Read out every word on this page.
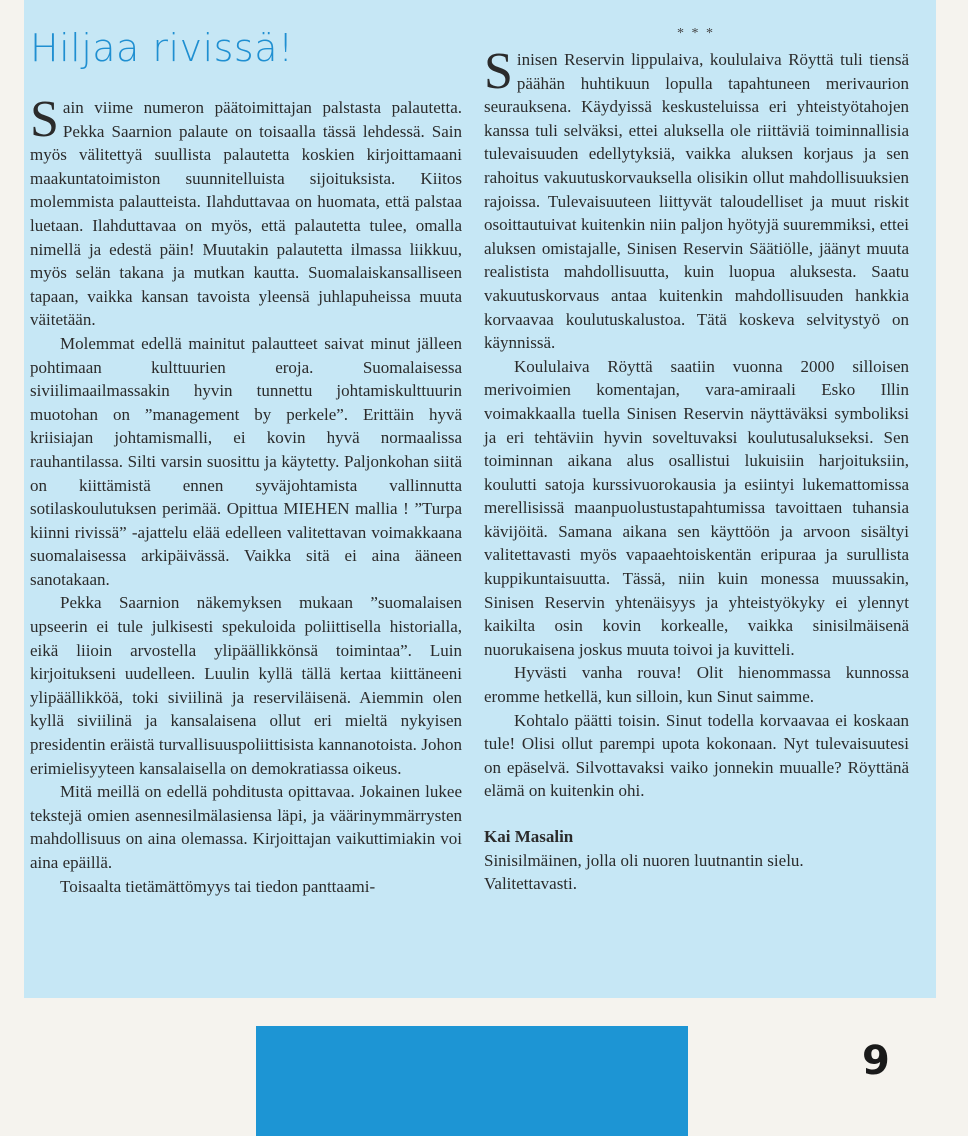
Hiljaa rivissä!	* * *

Sain viime numeron päätoimittajan palstasta palautetta. Pekka Saarnion palaute on toisaalla tässä lehdessä. Sain myös välitettyä suullista palautetta koskien kirjoittamaani maakuntatoimiston suunnitelluista sijoituksista. Kiitos molemmista palautteista. Ilahduttavaa on huomata, että palstaa luetaan. Ilahduttavaa on myös, että palautetta tulee, omalla nimellä ja edestä päin! Muutakin palautetta ilmassa liikkuu, myös selän takana ja mutkan kautta. Suomalaiskansalliseen tapaan, vaikka kansan tavoista yleensä juhlapuheissa muuta väitetään.

Molemmat edellä mainitut palautteet saivat minut jälleen pohtimaan kulttuurien eroja. Suomalaisessa siviilimaailmassakin hyvin tunnettu johtamiskulttuurin muotohan on ”management by perkele”. Erittäin hyvä kriisiajan johtamismalli, ei kovin hyvä normaalissa rauhantilassa. Silti varsin suosittu ja käytetty. Paljonkohan siitä on kiittämistä ennen syväjohtamista vallinnutta sotilaskoulutuksen perimää. Opittua MIEHEN mallia ! ”Turpa kiinni rivissä” -ajattelu elää edelleen valitettavan voimakkaana suomalaisessa arkipäivässä. Vaikka sitä ei aina ääneen sanotakaan.

Pekka Saarnion näkemyksen mukaan ”suomalaisen upseerin ei tule julkisesti spekuloida poliittisella historialla, eikä liioin arvostella ylipäällikkönsä toimintaa”. Luin kirjoitukseni uudelleen. Luulin kyllä tällä kertaa kiittäneeni ylipäällikköä, toki siviilinä ja reserviläisenä. Aiemmin olen kyllä siviilinä ja kansalaisena ollut eri mieltä nykyisen presidentin eräistä turvallisuuspoliittisista kannanotoista. Johon erimielisyyteen kansalaisella on demokratiassa oikeus.

Mitä meillä on edellä pohditusta opittavaa. Jokainen lukee tekstejä omien asennesilmälasiensa läpi, ja väärinymmärrysten mahdollisuus on aina olemassa. Kirjoittajan vaikuttimiakin voi aina epäillä.

Toisaalta tietämättömyys tai tiedon panttaami-

Sinisen Reservin lippulaiva, koululaiva Röyttä tuli tiensä päähän huhtikuun lopulla tapahtuneen merivaurion seurauksena. Käydyissä keskusteluissa eri yhteistyötahojen kanssa tuli selväksi, ettei aluksella ole riittäviä toiminnallisia tulevaisuuden edellytyksiä, vaikka aluksen korjaus ja sen rahoitus vakuutuskorvauksella olisikin ollut mahdollisuuksien rajoissa. Tulevaisuuteen liittyvät taloudelliset ja muut riskit osoittautuivat kuitenkin niin paljon hyötyjä suuremmiksi, ettei aluksen omistajalle, Sinisen Reservin Säätiölle, jäänyt muuta realistista mahdollisuutta, kuin luopua aluksesta. Saatu vakuutuskorvaus antaa kuitenkin mahdollisuuden hankkia korvaavaa koulutuskalustoa. Tätä koskeva selvitystyö on käynnissä.

Koululaiva Röyttä saatiin vuonna 2000 silloisen merivoimien komentajan, vara-amiraali Esko Illin voimakkaalla tuella Sinisen Reservin näyttäväksi symboliksi ja eri tehtäviin hyvin soveltuvaksi koulutusalukseksi. Sen toiminnan aikana alus osallistui lukuisiin harjoituksiin, koulutti satoja kurssivuorokausia ja esiintyi lukemattomissa merellisissä maanpuolustustapahtumissa tavoittaen tuhansia kävijöitä. Samana aikana sen käyttöön ja arvoon sisältyi valitettavasti myös vapaaehtoiskentän eripuraa ja surullista kuppikuntaisuutta. Tässä, niin kuin monessa muussakin, Sinisen Reservin yhtenäisyys ja yhteistyökyky ei ylennyt kaikilta osin kovin korkealle, vaikka sinisilmäisenä nuorukaisena joskus muuta toivoi ja kuvitteli.

Hyvästi vanha rouva! Olit hienommassa kunnossa eromme hetkellä, kun silloin, kun Sinut saimme.

Kohtalo päätti toisin. Sinut todella korvaavaa ei koskaan tule! Olisi ollut parempi upota kokonaan. Nyt tulevaisuutesi on epäselvä. Silvottavaksi vaiko jonnekin muualle? Röyttänä elämä on kuitenkin ohi.

Kai Masalin

Sinisilmäinen, jolla oli nuoren luutnantin sielu.

Valitettavasti.

9
